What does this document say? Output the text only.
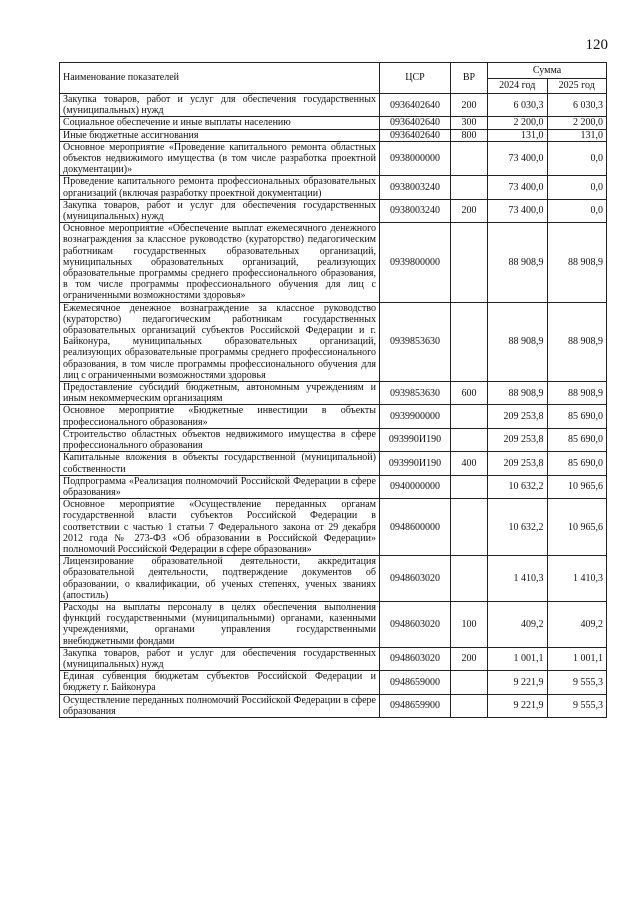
120
Наименование показателей	ЦСР	ВР	Сумма	
			2024 год	2025 год
Закупка товаров, работ и услуг для обеспечения государственных (муниципальных) нужд	0936402640	200	6 030,3	6 030,3
Социальное обеспечение и иные выплаты населению	0936402640	300	2 200,0	2 200,0
Иные бюджетные ассигнования	0936402640	800	131,0	131,0
Основное мероприятие «Проведение капитального ремонта областных объектов недвижимого имущества (в том числе разработка проектной документации)»	0938000000		73 400,0	0,0
Проведение капитального ремонта профессиональных образовательных организаций (включая разработку проектной документации)	0938003240		73 400,0	0,0
Закупка товаров, работ и услуг для обеспечения государственных (муниципальных) нужд	0938003240	200	73 400,0	0,0
Основное мероприятие «Обеспечение выплат ежемесячного денежного вознаграждения за классное руководство (кураторство) педагогическим работникам государственных образовательных организаций, муниципальных образовательных организаций, реализующих образовательные программы среднего профессионального образования, в том числе программы профессионального обучения для лиц с ограниченными возможностями здоровья»	0939800000		88 908,9	88 908,9
Ежемесячное денежное вознаграждение за классное руководство (кураторство) педагогическим работникам государственных образовательных организаций субъектов Российской Федерации и г. Байконура, муниципальных образовательных организаций, реализующих образовательные программы среднего профессионального образования, в том числе программы профессионального обучения для лиц с ограниченными возможностями здоровья	0939853630		88 908,9	88 908,9
Предоставление субсидий бюджетным, автономным учреждениям и иным некоммерческим организациям	0939853630	600	88 908,9	88 908,9
Основное мероприятие «Бюджетные инвестиции в объекты профессионального образования»	0939900000		209 253,8	85 690,0
Строительство областных объектов недвижимого имущества в сфере профессионального образования	093990И190		209 253,8	85 690,0
Капитальные вложения в объекты государственной (муниципальной) собственности	093990И190	400	209 253,8	85 690,0
Подпрограмма «Реализация полномочий Российской Федерации в сфере образования»	0940000000		10 632,2	10 965,6
Основное мероприятие «Осуществление переданных органам государственной власти субъектов Российской Федерации в соответствии с частью 1 статьи 7 Федерального закона от 29 декабря 2012 года № 273-ФЗ «Об образовании в Российской Федерации» полномочий Российской Федерации в сфере образования»	0948600000		10 632,2	10 965,6
Лицензирование образовательной деятельности, аккредитация образовательной деятельности, подтверждение документов об образовании, о квалификации, об ученых степенях, ученых званиях (апостиль)	0948603020		1 410,3	1 410,3
Расходы на выплаты персоналу в целях обеспечения выполнения функций государственными (муниципальными) органами, казенными учреждениями, органами управления государственными внебюджетными фондами	0948603020	100	409,2	409,2
Закупка товаров, работ и услуг для обеспечения государственных (муниципальных) нужд	0948603020	200	1 001,1	1 001,1
Единая субвенция бюджетам субъектов Российской Федерации и бюджету г. Байконура	0948659000		9 221,9	9 555,3
Осуществление переданных полномочий Российской Федерации в сфере образования	0948659900		9 221,9	9 555,3
